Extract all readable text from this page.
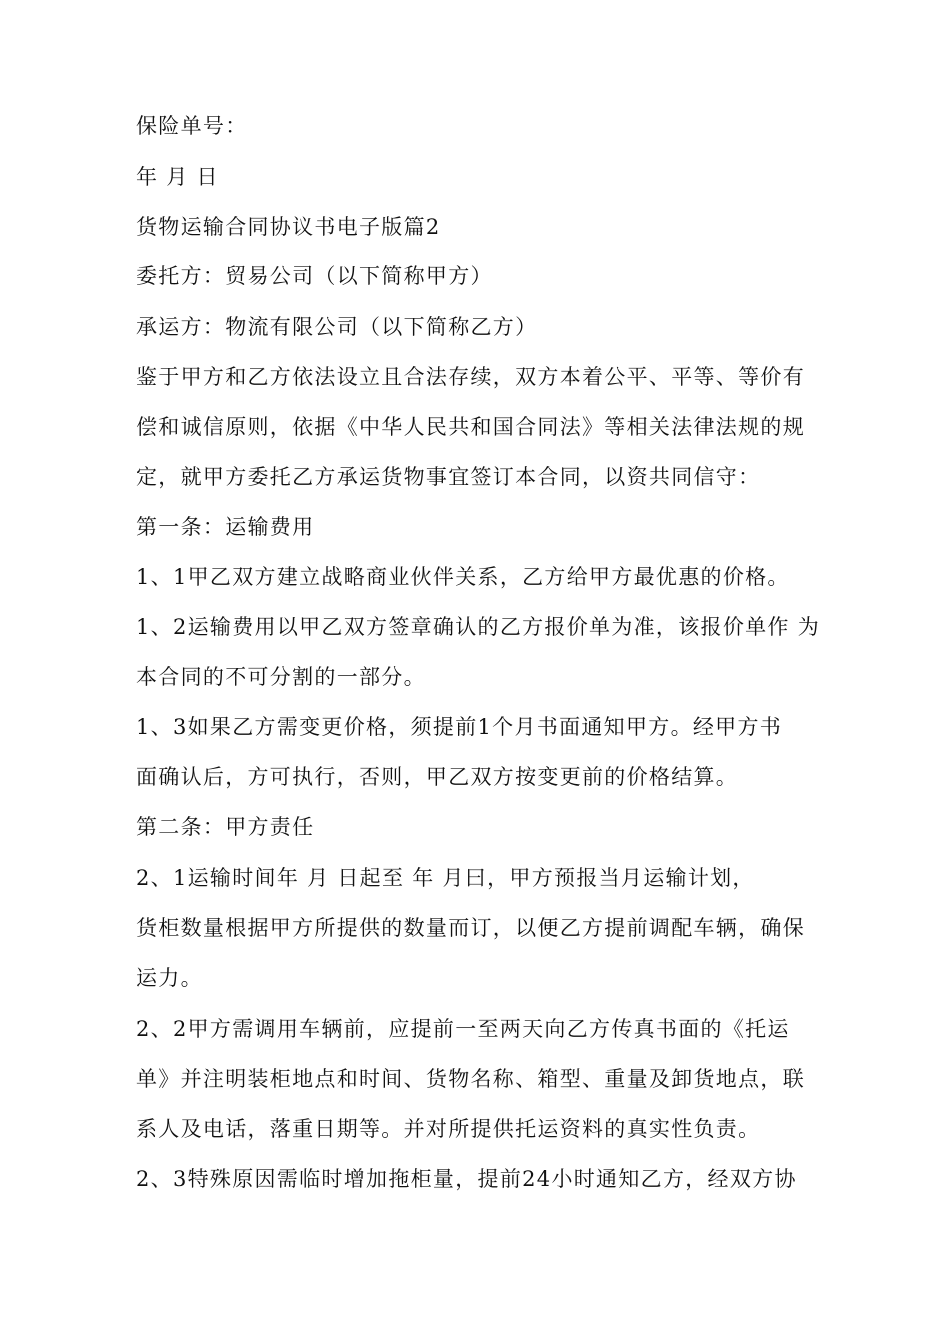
保险单号：
年 月 日
货物运输合同协议书电子版篇2
委托方：贸易公司（以下简称甲方）
承运方：物流有限公司（以下简称乙方）
鉴于甲方和乙方依法设立且合法存续，双方本着公平、平等、等价有
偿和诚信原则，依据《中华人民共和国合同法》等相关法律法规的规
定，就甲方委托乙方承运货物事宜签订本合同，以资共同信守：
第一条：运输费用
1、1甲乙双方建立战略商业伙伴关系，乙方给甲方最优惠的价格。
1、2运输费用以甲乙双方签章确认的乙方报价单为准，该报价单作 为
本合同的不可分割的一部分。
1、3如果乙方需变更价格，须提前1个月书面通知甲方。经甲方书
面确认后，方可执行，否则，甲乙双方按变更前的价格结算。
第二条：甲方责任
2、1运输时间年 月 日起至 年 月曰，甲方预报当月运输计划，
货柜数量根据甲方所提供的数量而订，以便乙方提前调配车辆，确保
运力。
2、2甲方需调用车辆前，应提前一至两天向乙方传真书面的《托运
单》并注明装柜地点和时间、货物名称、箱型、重量及卸货地点，联
系人及电话，落重日期等。并对所提供托运资料的真实性负责。
2、3特殊原因需临时增加拖柜量，提前24小时通知乙方，经双方协
